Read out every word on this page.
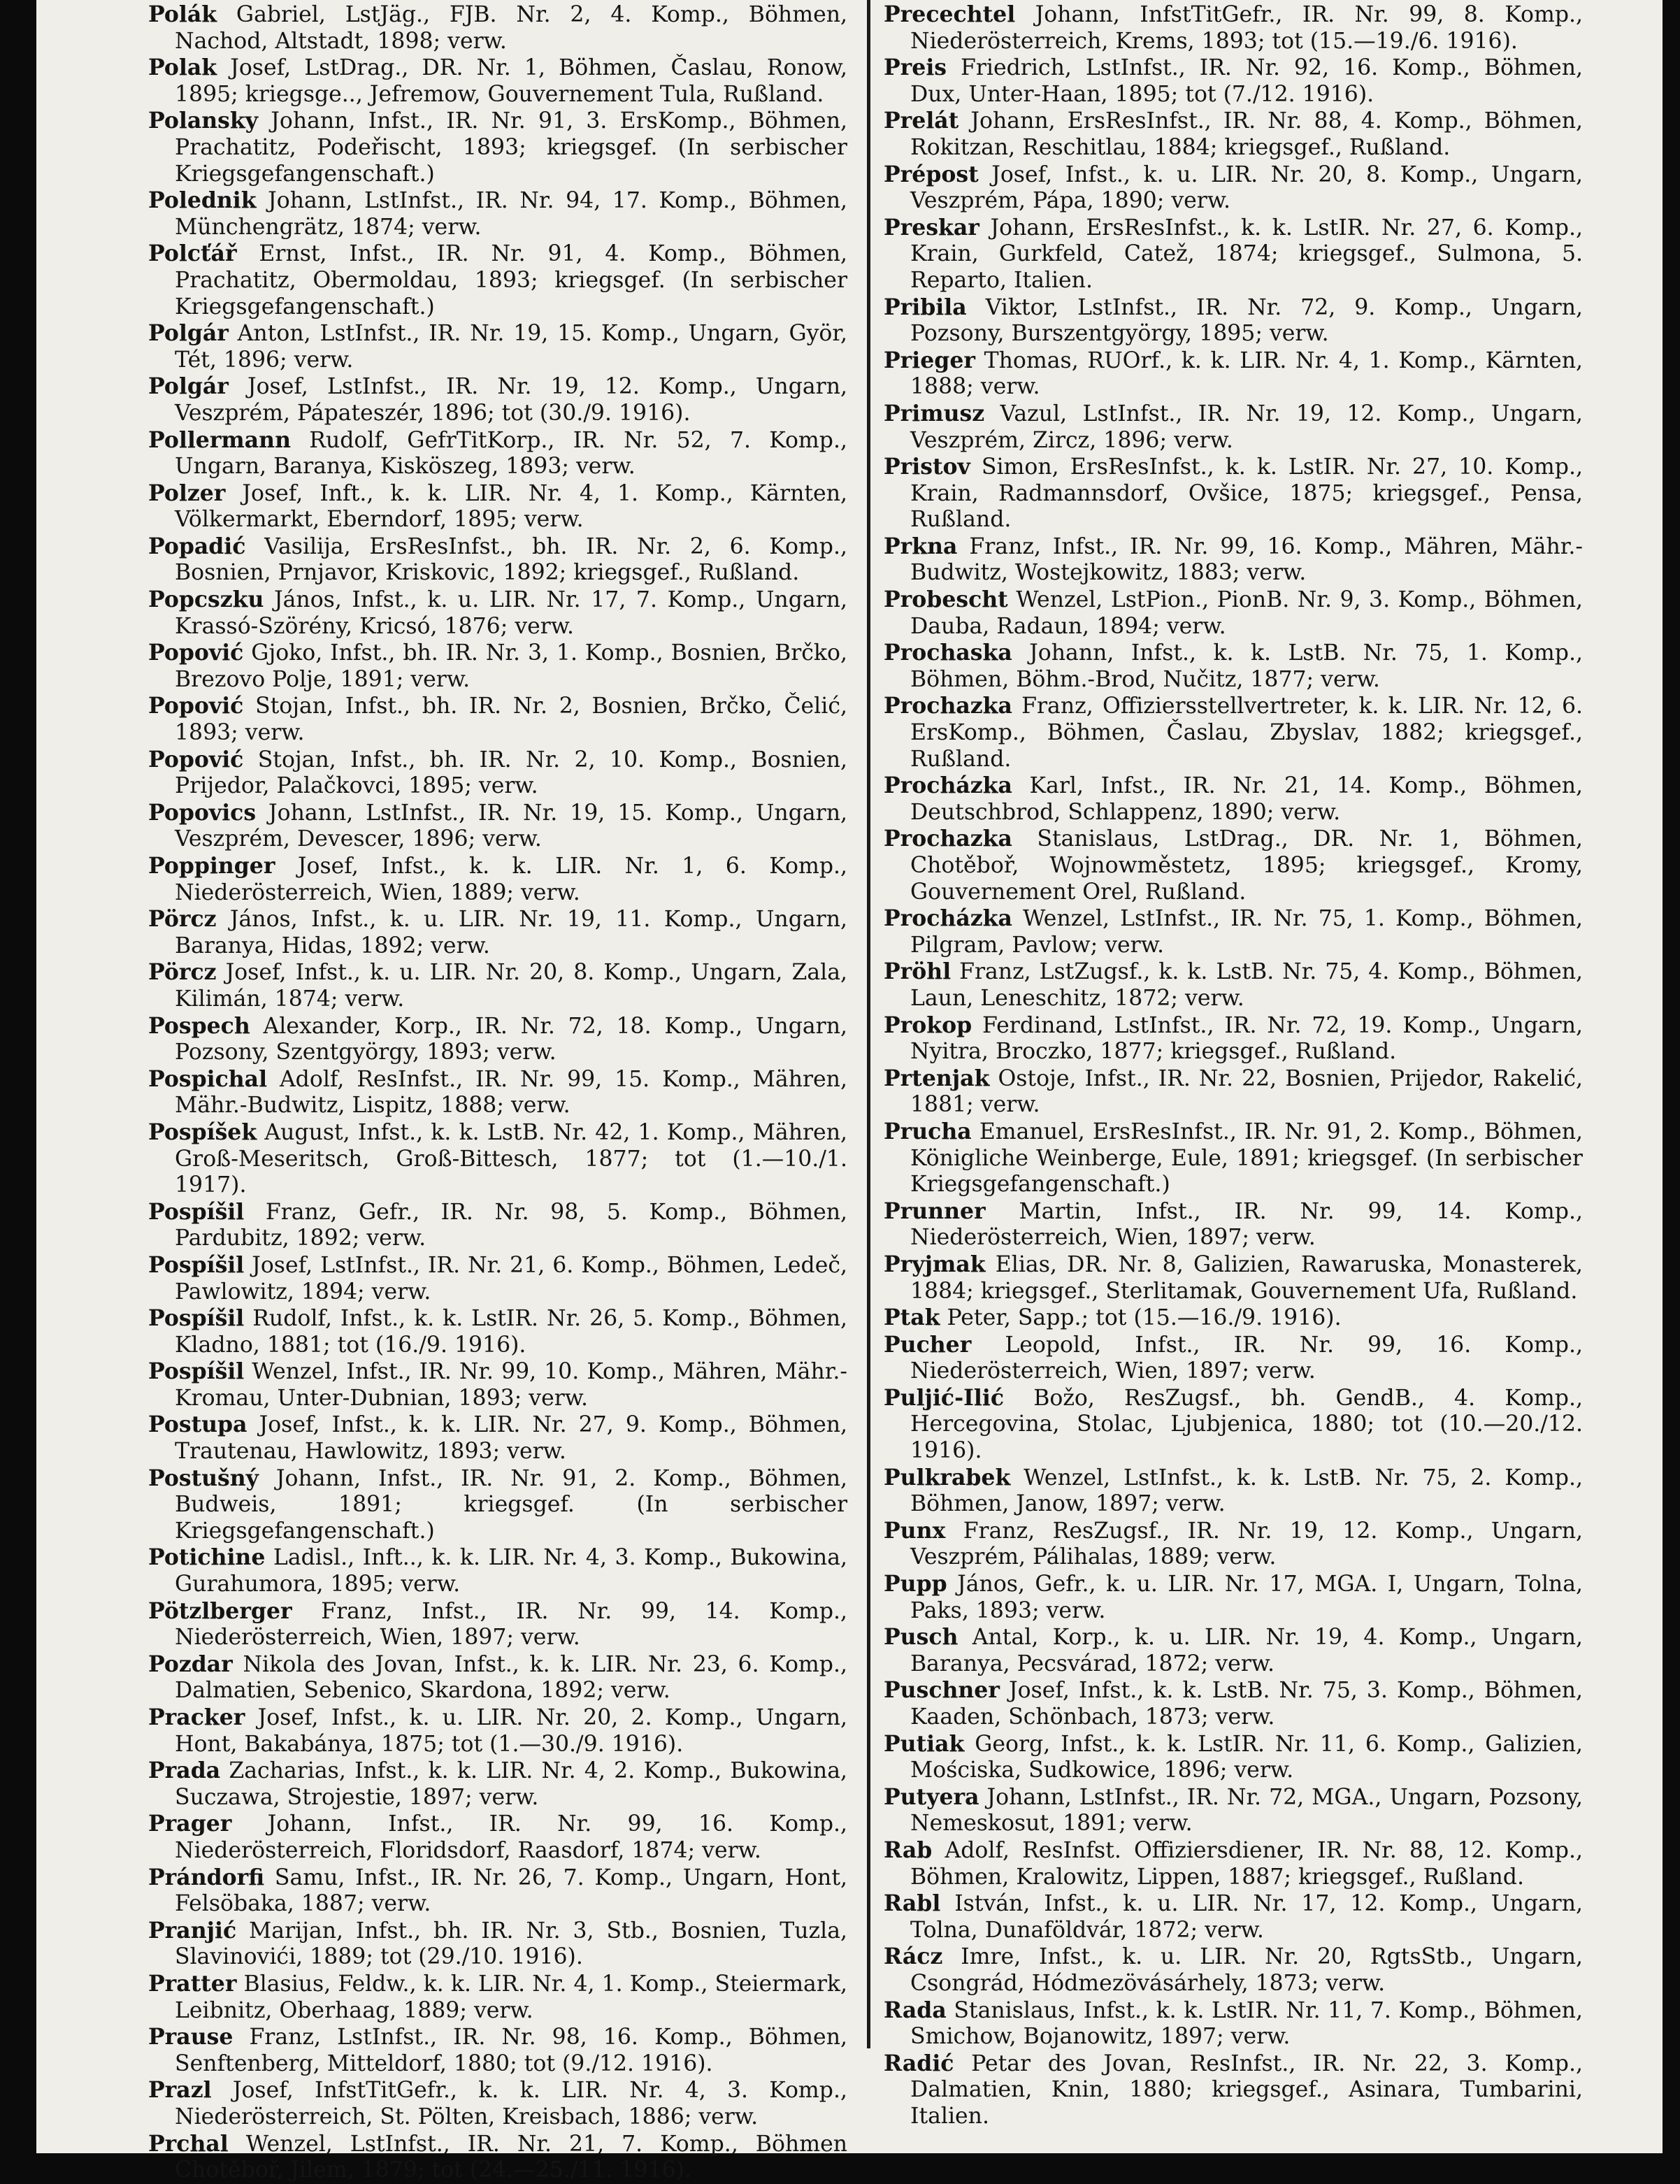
Polák Gabriel, LstJäg., FJB. Nr. 2, 4. Komp., Böhmen, Nachod, Altstadt, 1898; verw.

Polak Josef, LstDrag., DR. Nr. 1, Böhmen, Časlau, Ronow, 1895; kriegsge.., Jefremow, Gouvernement Tula, Rußland.

Polansky Johann, Infst., IR. Nr. 91, 3. ErsKomp., Böhmen, Prachatitz, Podeřischt, 1893; kriegsgef. (In serbischer Kriegsgefangenschaft.)

Polednik Johann, LstInfst., IR. Nr. 94, 17. Komp., Böhmen, Münchengrätz, 1874; verw.

Polcťář Ernst, Infst., IR. Nr. 91, 4. Komp., Böhmen, Prachatitz, Obermoldau, 1893; kriegsgef. (In serbischer Kriegsgefangenschaft.)

Polgár Anton, LstInfst., IR. Nr. 19, 15. Komp., Ungarn, Györ, Tét, 1896; verw.

Polgár Josef, LstInfst., IR. Nr. 19, 12. Komp., Ungarn, Veszprém, Pápateszér, 1896; tot (30./9. 1916).

Pollermann Rudolf, GefrTitKorp., IR. Nr. 52, 7. Komp., Ungarn, Baranya, Kisköszeg, 1893; verw.

Polzer Josef, Inft., k. k. LIR. Nr. 4, 1. Komp., Kärnten, Völkermarkt, Eberndorf, 1895; verw.

Popadić Vasilija, ErsResInfst., bh. IR. Nr. 2, 6. Komp., Bosnien, Prnjavor, Kriskovic, 1892; kriegsgef., Rußland.

Popcszku János, Infst., k. u. LIR. Nr. 17, 7. Komp., Ungarn, Krassó-Szörény, Kricsó, 1876; verw.

Popović Gjoko, Infst., bh. IR. Nr. 3, 1. Komp., Bosnien, Brčko, Brezovo Polje, 1891; verw.

Popović Stojan, Infst., bh. IR. Nr. 2, Bosnien, Brčko, Čelić, 1893; verw.

Popović Stojan, Infst., bh. IR. Nr. 2, 10. Komp., Bosnien, Prijedor, Palačkovci, 1895; verw.

Popovics Johann, LstInfst., IR. Nr. 19, 15. Komp., Ungarn, Veszprém, Devescer, 1896; verw.

Poppinger Josef, Infst., k. k. LIR. Nr. 1, 6. Komp., Niederösterreich, Wien, 1889; verw.

Pörcz János, Infst., k. u. LIR. Nr. 19, 11. Komp., Ungarn, Baranya, Hidas, 1892; verw.

Pörcz Josef, Infst., k. u. LIR. Nr. 20, 8. Komp., Ungarn, Zala, Kilimán, 1874; verw.

Pospech Alexander, Korp., IR. Nr. 72, 18. Komp., Ungarn, Pozsony, Szentgyörgy, 1893; verw.

Pospichal Adolf, ResInfst., IR. Nr. 99, 15. Komp., Mähren, Mähr.-Budwitz, Lispitz, 1888; verw.

Pospíšek August, Infst., k. k. LstB. Nr. 42, 1. Komp., Mähren, Groß-Meseritsch, Groß-Bittesch, 1877; tot (1.—10./1. 1917).

Pospíšil Franz, Gefr., IR. Nr. 98, 5. Komp., Böhmen, Pardubitz, 1892; verw.

Pospíšil Josef, LstInfst., IR. Nr. 21, 6. Komp., Böhmen, Ledeč, Pawlowitz, 1894; verw.

Pospíšil Rudolf, Infst., k. k. LstIR. Nr. 26, 5. Komp., Böhmen, Kladno, 1881; tot (16./9. 1916).

Pospíšil Wenzel, Infst., IR. Nr. 99, 10. Komp., Mähren, Mähr.-Kromau, Unter-Dubnian, 1893; verw.

Postupa Josef, Infst., k. k. LIR. Nr. 27, 9. Komp., Böhmen, Trautenau, Hawlowitz, 1893; verw.

Postušný Johann, Infst., IR. Nr. 91, 2. Komp., Böhmen, Budweis, 1891; kriegsgef. (In serbischer Kriegsgefangenschaft.)

Potichine Ladisl., Inft.., k. k. LIR. Nr. 4, 3. Komp., Bukowina, Gurahumora, 1895; verw.

Pötzlberger Franz, Infst., IR. Nr. 99, 14. Komp., Niederösterreich, Wien, 1897; verw.

Pozdar Nikola des Jovan, Infst., k. k. LIR. Nr. 23, 6. Komp., Dalmatien, Sebenico, Skardona, 1892; verw.

Pracker Josef, Infst., k. u. LIR. Nr. 20, 2. Komp., Ungarn, Hont, Bakabánya, 1875; tot (1.—30./9. 1916).

Prada Zacharias, Infst., k. k. LIR. Nr. 4, 2. Komp., Bukowina, Suczawa, Strojestie, 1897; verw.

Prager Johann, Infst., IR. Nr. 99, 16. Komp., Niederösterreich, Floridsdorf, Raasdorf, 1874; verw.

Prándorfi Samu, Infst., IR. Nr. 26, 7. Komp., Ungarn, Hont, Felsöbaka, 1887; verw.

Pranjić Marijan, Infst., bh. IR. Nr. 3, Stb., Bosnien, Tuzla, Slavinovići, 1889; tot (29./10. 1916).

Pratter Blasius, Feldw., k. k. LIR. Nr. 4, 1. Komp., Steiermark, Leibnitz, Oberhaag, 1889; verw.

Prause Franz, LstInfst., IR. Nr. 98, 16. Komp., Böhmen, Senftenberg, Mitteldorf, 1880; tot (9./12. 1916).

Prazl Josef, InfstTitGefr., k. k. LIR. Nr. 4, 3. Komp., Niederösterreich, St. Pölten, Kreisbach, 1886; verw.

Prchal Wenzel, LstInfst., IR. Nr. 21, 7. Komp., Böhmen Chotěboř, Jilem, 1879; tot (24.—25./11. 1916).

Precechtel Johann, InfstTitGefr., IR. Nr. 99, 8. Komp., Niederösterreich, Krems, 1893; tot (15.—19./6. 1916).

Preis Friedrich, LstInfst., IR. Nr. 92, 16. Komp., Böhmen, Dux, Unter-Haan, 1895; tot (7./12. 1916).

Prelát Johann, ErsResInfst., IR. Nr. 88, 4. Komp., Böhmen, Rokitzan, Reschitlau, 1884; kriegsgef., Rußland.

Prépost Josef, Infst., k. u. LIR. Nr. 20, 8. Komp., Ungarn, Veszprém, Pápa, 1890; verw.

Preskar Johann, ErsResInfst., k. k. LstIR. Nr. 27, 6. Komp., Krain, Gurkfeld, Catež, 1874; kriegsgef., Sulmona, 5. Reparto, Italien.

Pribila Viktor, LstInfst., IR. Nr. 72, 9. Komp., Ungarn, Pozsony, Burszentgyörgy, 1895; verw.

Prieger Thomas, RUOrf., k. k. LIR. Nr. 4, 1. Komp., Kärnten, 1888; verw.

Primusz Vazul, LstInfst., IR. Nr. 19, 12. Komp., Ungarn, Veszprém, Zircz, 1896; verw.

Pristov Simon, ErsResInfst., k. k. LstIR. Nr. 27, 10. Komp., Krain, Radmannsdorf, Ovšice, 1875; kriegsgef., Pensa, Rußland.

Prkna Franz, Infst., IR. Nr. 99, 16. Komp., Mähren, Mähr.-Budwitz, Wostejkowitz, 1883; verw.

Probescht Wenzel, LstPion., PionB. Nr. 9, 3. Komp., Böhmen, Dauba, Radaun, 1894; verw.

Prochaska Johann, Infst., k. k. LstB. Nr. 75, 1. Komp., Böhmen, Böhm.-Brod, Nučitz, 1877; verw.

Prochazka Franz, Offiziersstellvertreter, k. k. LIR. Nr. 12, 6. ErsKomp., Böhmen, Časlau, Zbyslav, 1882; kriegsgef., Rußland.

Procházka Karl, Infst., IR. Nr. 21, 14. Komp., Böhmen, Deutschbrod, Schlappenz, 1890; verw.

Prochazka Stanislaus, LstDrag., DR. Nr. 1, Böhmen, Chotěboř, Wojnowměstetz, 1895; kriegsgef., Kromy, Gouvernement Orel, Rußland.

Procházka Wenzel, LstInfst., IR. Nr. 75, 1. Komp., Böhmen, Pilgram, Pavlow; verw.

Pröhl Franz, LstZugsf., k. k. LstB. Nr. 75, 4. Komp., Böhmen, Laun, Leneschitz, 1872; verw.

Prokop Ferdinand, LstInfst., IR. Nr. 72, 19. Komp., Ungarn, Nyitra, Broczko, 1877; kriegsgef., Rußland.

Prtenjak Ostoje, Infst., IR. Nr. 22, Bosnien, Prijedor, Rakelić, 1881; verw.

Prucha Emanuel, ErsResInfst., IR. Nr. 91, 2. Komp., Böhmen, Königliche Weinberge, Eule, 1891; kriegsgef. (In serbischer Kriegsgefangenschaft.)

Prunner Martin, Infst., IR. Nr. 99, 14. Komp., Niederösterreich, Wien, 1897; verw.

Pryjmak Elias, DR. Nr. 8, Galizien, Rawaruska, Monasterek, 1884; kriegsgef., Sterlitamak, Gouvernement Ufa, Rußland.

Ptak Peter, Sapp.; tot (15.—16./9. 1916).

Pucher Leopold, Infst., IR. Nr. 99, 16. Komp., Niederösterreich, Wien, 1897; verw.

Puljić-Ilić Božo, ResZugsf., bh. GendB., 4. Komp., Hercegovina, Stolac, Ljubjenica, 1880; tot (10.—20./12. 1916).

Pulkrabek Wenzel, LstInfst., k. k. LstB. Nr. 75, 2. Komp., Böhmen, Janow, 1897; verw.

Punx Franz, ResZugsf., IR. Nr. 19, 12. Komp., Ungarn, Veszprém, Pálihalas, 1889; verw.

Pupp János, Gefr., k. u. LIR. Nr. 17, MGA. I, Ungarn, Tolna, Paks, 1893; verw.

Pusch Antal, Korp., k. u. LIR. Nr. 19, 4. Komp., Ungarn, Baranya, Pecsvárad, 1872; verw.

Puschner Josef, Infst., k. k. LstB. Nr. 75, 3. Komp., Böhmen, Kaaden, Schönbach, 1873; verw.

Putiak Georg, Infst., k. k. LstIR. Nr. 11, 6. Komp., Galizien, Mościska, Sudkowice, 1896; verw.

Putyera Johann, LstInfst., IR. Nr. 72, MGA., Ungarn, Pozsony, Nemeskosut, 1891; verw.

Rab Adolf, ResInfst. Offiziersdiener, IR. Nr. 88, 12. Komp., Böhmen, Kralowitz, Lippen, 1887; kriegsgef., Rußland.

Rabl István, Infst., k. u. LIR. Nr. 17, 12. Komp., Ungarn, Tolna, Dunaföldvár, 1872; verw.

Rácz Imre, Infst., k. u. LIR. Nr. 20, RgtsStb., Ungarn, Csongrád, Hódmezövásárhely, 1873; verw.

Rada Stanislaus, Infst., k. k. LstIR. Nr. 11, 7. Komp., Böhmen, Smichow, Bojanowitz, 1897; verw.

Radić Petar des Jovan, ResInfst., IR. Nr. 22, 3. Komp., Dalmatien, Knin, 1880; kriegsgef., Asinara, Tumbarini, Italien.
